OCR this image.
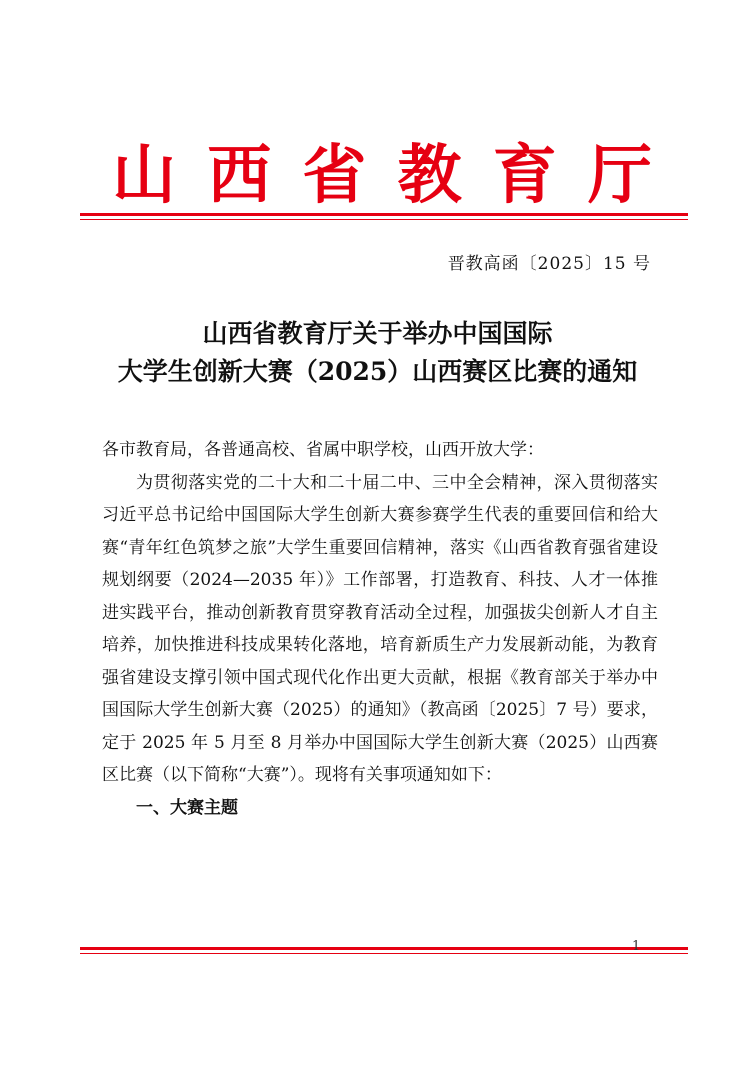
山 西 省 教 育 厅
晋教高函〔2025〕15 号
山西省教育厅关于举办中国国际
大学生创新大赛（2025）山西赛区比赛的通知
各市教育局，各普通高校、省属中职学校，山西开放大学：

为贯彻落实党的二十大和二十届二中、三中全会精神，深入贯彻落实习近平总书记给中国国际大学生创新大赛参赛学生代表的重要回信和给大赛“青年红色筑梦之旅”大学生重要回信精神，落实《山西省教育强省建设规划纲要（2024—2035 年）》工作部署，打造教育、科技、人才一体推进实践平台，推动创新教育贯穿教育活动全过程，加强拔尖创新人才自主培养，加快推进科技成果转化落地，培育新质生产力发展新动能，为教育强省建设支撑引领中国式现代化作出更大贡献，根据《教育部关于举办中国国际大学生创新大赛（2025）的通知》（教高函〔2025〕7 号）要求，定于 2025 年 5 月至 8 月举办中国国际大学生创新大赛（2025）山西赛区比赛（以下简称“大赛”）。现将有关事项通知如下：

一、大赛主题
1
